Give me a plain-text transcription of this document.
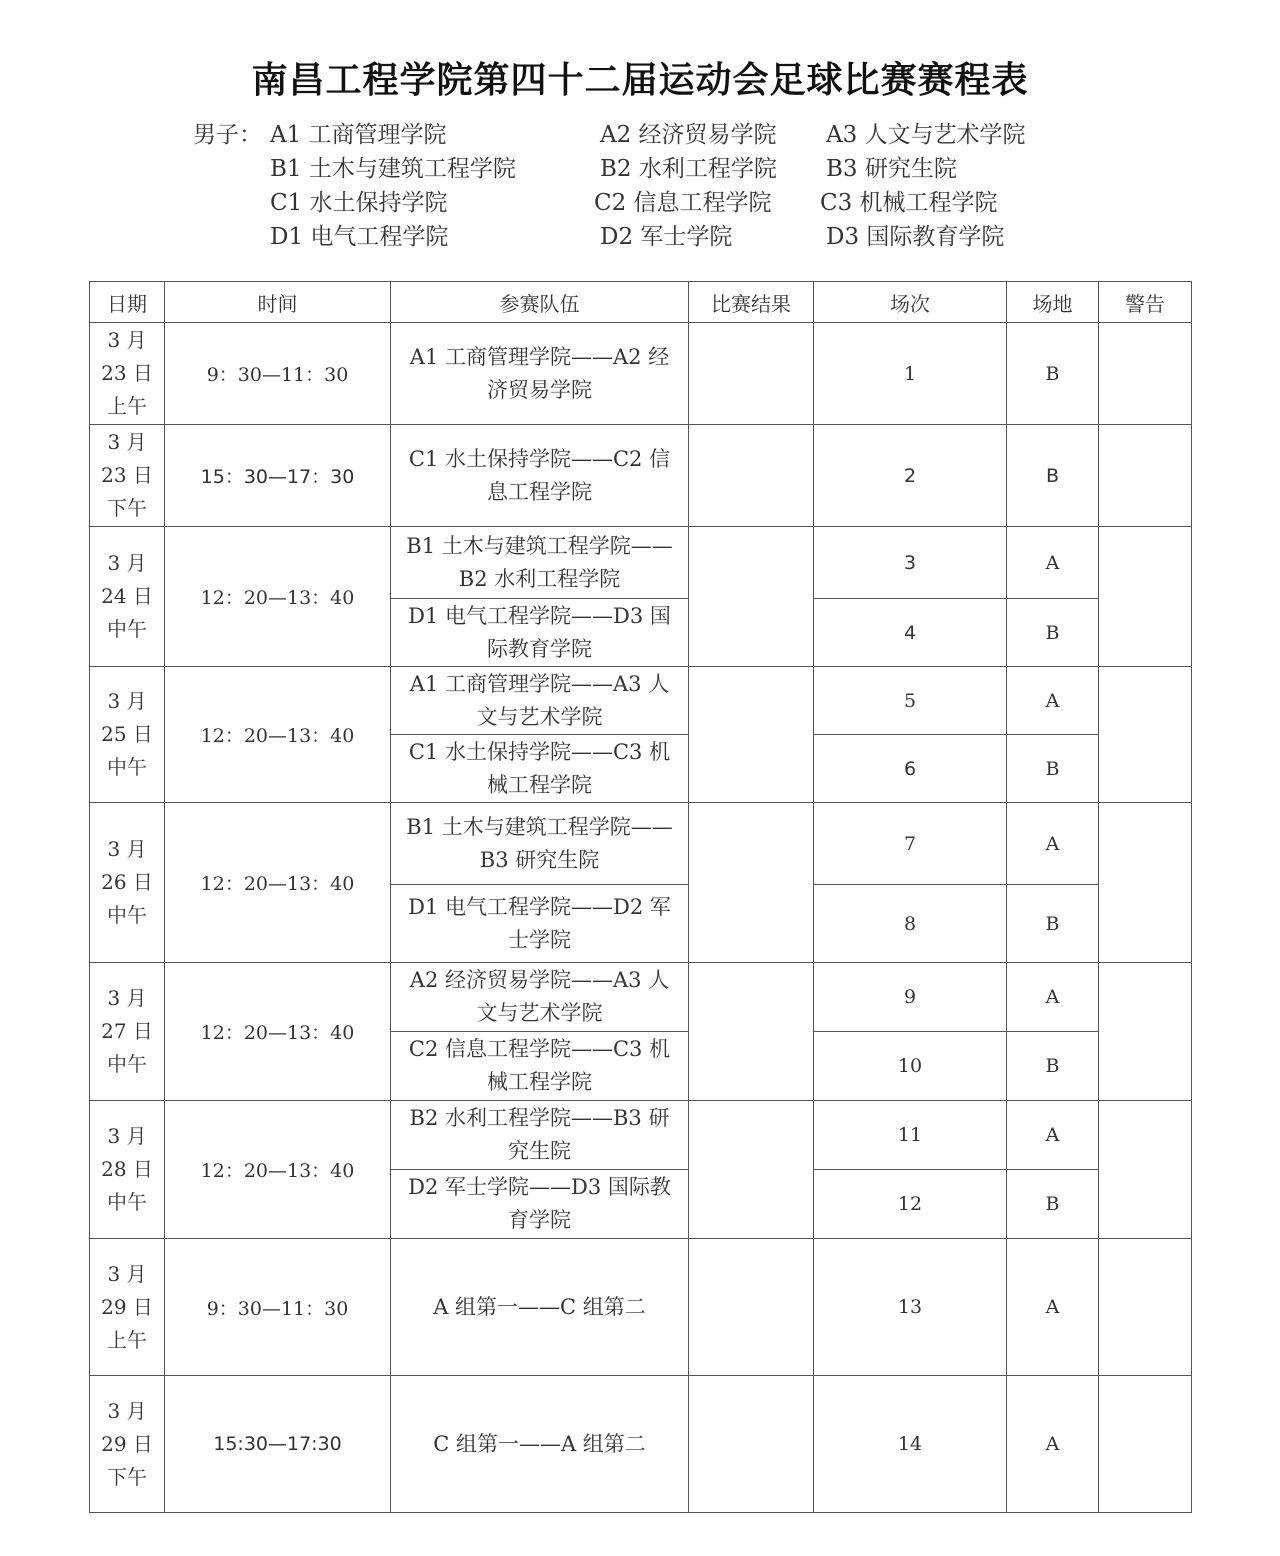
南昌工程学院第四十二届运动会足球比赛赛程表
男子： A1 工商管理学院	A2 经济贸易学院 A3 人文与艺术学院
B1 土木与建筑工程学院	B2 水利工程学院 B3 研究生院
C1 水土保持学院	C2 信息工程学院 C3 机械工程学院
D1 电气工程学院	D2 军士学院	D3 国际教育学院
日期	时间	参赛队伍	比赛结果	场次	场地	警告

3 月
23 日
上午	9：30—11：30	A1 工商管理学院——A2 经济贸易学院		1	B	

3 月
23 日
下午	15：30—17：30	C1 水土保持学院——C2 信息工程学院		2	B	

3 月
24 日
中午	12：20—13：40	B1 土木与建筑工程学院——B2 水利工程学院		3	A	
		D1 电气工程学院——D3 国际教育学院		4	B	

3 月
25 日
中午	12：20—13：40	A1 工商管理学院——A3 人文与艺术学院		5	A	
		C1 水土保持学院——C3 机械工程学院		6	B	

3 月
26 日
中午	12：20—13：40	B1 土木与建筑工程学院——B3 研究生院		7	A	
		D1 电气工程学院——D2 军士学院		8	B	

3 月
27 日
中午	12：20—13：40	A2 经济贸易学院——A3 人文与艺术学院		9	A	
		C2 信息工程学院——C3 机械工程学院		10	B	

3 月
28 日
中午	12：20—13：40	B2 水利工程学院——B3 研究生院		11	A	
		D2 军士学院——D3 国际教育学院		12	B	

3 月
29 日
上午	9：30—11：30	A 组第一——C 组第二		13	A	

3 月
29 日
下午	15:30—17:30	C 组第一——A 组第二		14	A	
